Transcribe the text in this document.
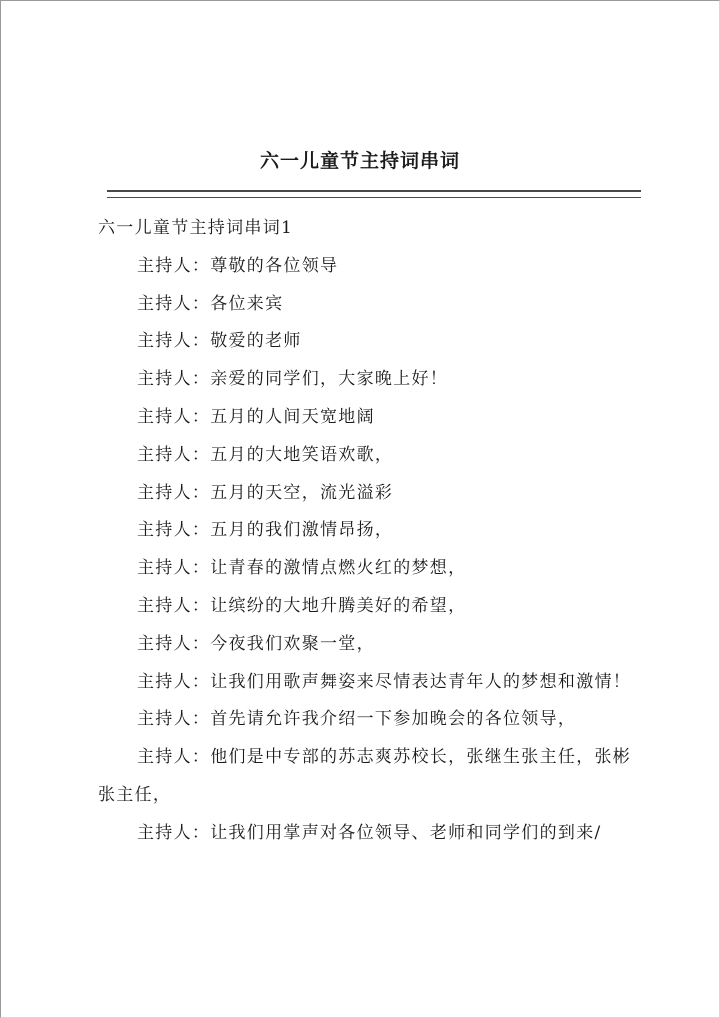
六一儿童节主持词串词

六一儿童节主持词串词1

主持人：尊敬的各位领导

主持人：各位来宾

主持人：敬爱的老师

主持人：亲爱的同学们，大家晚上好！

主持人：五月的人间天宽地阔

主持人：五月的大地笑语欢歌，

主持人：五月的天空，流光溢彩

主持人：五月的我们激情昂扬，

主持人：让青春的激情点燃火红的梦想，

主持人：让缤纷的大地升腾美好的希望，

主持人：今夜我们欢聚一堂，

主持人：让我们用歌声舞姿来尽情表达青年人的梦想和激情！

主持人：首先请允许我介绍一下参加晚会的各位领导，

主持人：他们是中专部的苏志爽苏校长，张继生张主任，张彬张主任，

主持人：让我们用掌声对各位领导、老师和同学们的到来/
